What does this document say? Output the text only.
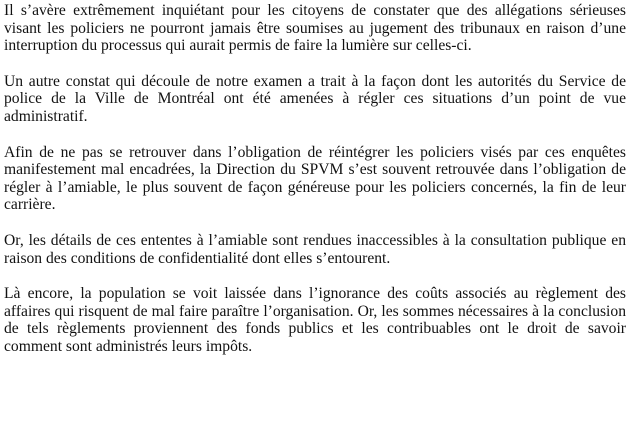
Il s’avère extrêmement inquiétant pour les citoyens de constater que des allégations sérieuses visant les policiers ne pourront jamais être soumises au jugement des tribunaux en raison d’une interruption du processus qui aurait permis de faire la lumière sur celles-ci.

Un autre constat qui découle de notre examen a trait à la façon dont les autorités du Service de police de la Ville de Montréal ont été amenées à régler ces situations d’un point de vue administratif.

Afin de ne pas se retrouver dans l’obligation de réintégrer les policiers visés par ces enquêtes manifestement mal encadrées, la Direction du SPVM s’est souvent retrouvée dans l’obligation de régler à l’amiable, le plus souvent de façon généreuse pour les policiers concernés, la fin de leur carrière.

Or, les détails de ces ententes à l’amiable sont rendues inaccessibles à la consultation publique en raison des conditions de confidentialité dont elles s’entourent.

Là encore, la population se voit laissée dans l’ignorance des coûts associés au règlement des affaires qui risquent de mal faire paraître l’organisation. Or, les sommes nécessaires à la conclusion de tels règlements proviennent des fonds publics et les contribuables ont le droit de savoir comment sont administrés leurs impôts.
